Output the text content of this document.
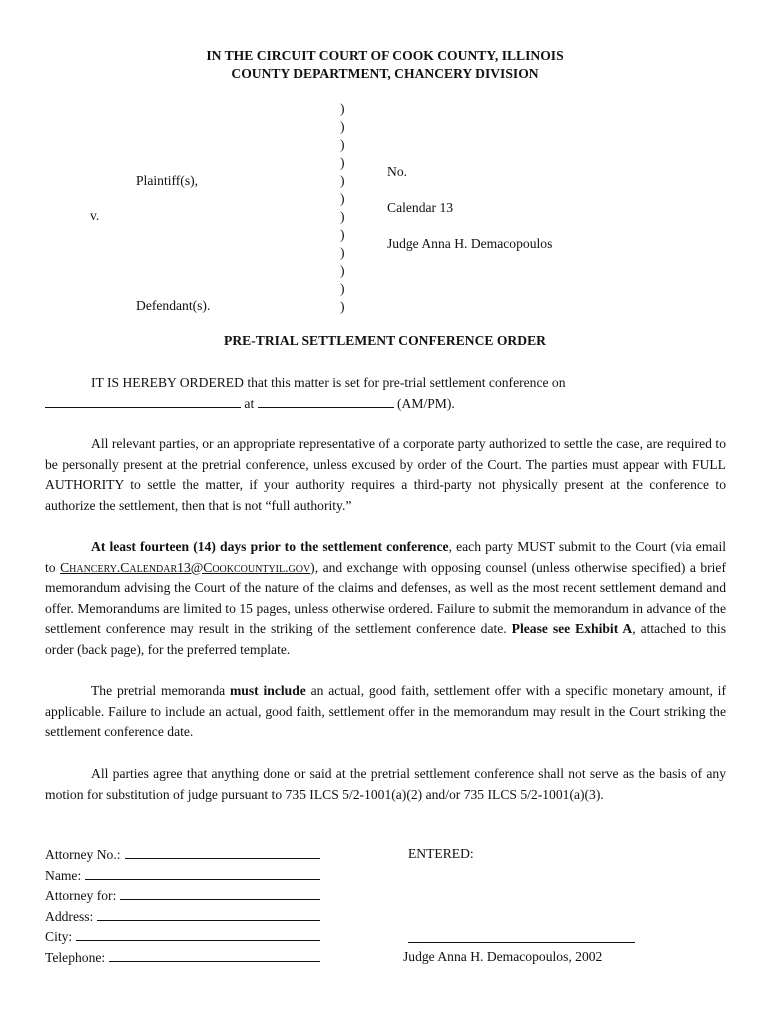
IN THE CIRCUIT COURT OF COOK COUNTY, ILLINOIS
COUNTY DEPARTMENT, CHANCERY DIVISION
)
)
)
)
)
)
)
)
)
)
)
)
Plaintiff(s),
v.
Defendant(s).
No.
Calendar 13
Judge Anna H. Demacopoulos
PRE-TRIAL SETTLEMENT CONFERENCE ORDER
IT IS HEREBY ORDERED that this matter is set for pre-trial settlement conference on
at	(AM/PM).
All relevant parties, or an appropriate representative of a corporate party authorized to settle the case, are required to be personally present at the pretrial conference, unless excused by order of the Court. The parties must appear with FULL AUTHORITY to settle the matter, if your authority requires a third-party not physically present at the conference to authorize the settlement, then that is not “full authority.”
At least fourteen (14) days prior to the settlement conference, each party MUST submit to the Court (via email to Chancery.Calendar13@Cookcountyil.gov), and exchange with opposing counsel (unless otherwise specified) a brief memorandum advising the Court of the nature of the claims and defenses, as well as the most recent settlement demand and offer. Memorandums are limited to 15 pages, unless otherwise ordered. Failure to submit the memorandum in advance of the settlement conference may result in the striking of the settlement conference date. Please see Exhibit A, attached to this order (back page), for the preferred template.
The pretrial memoranda must include an actual, good faith, settlement offer with a specific monetary amount, if applicable. Failure to include an actual, good faith, settlement offer in the memorandum may result in the Court striking the settlement conference date.
All parties agree that anything done or said at the pretrial settlement conference shall not serve as the basis of any motion for substitution of judge pursuant to 735 ILCS 5/2-1001(a)(2) and/or 735 ILCS 5/2-1001(a)(3).
Attorney No.:
Name:
Attorney for:
Address:
City:
Telephone:
ENTERED:
Judge Anna H. Demacopoulos, 2002
